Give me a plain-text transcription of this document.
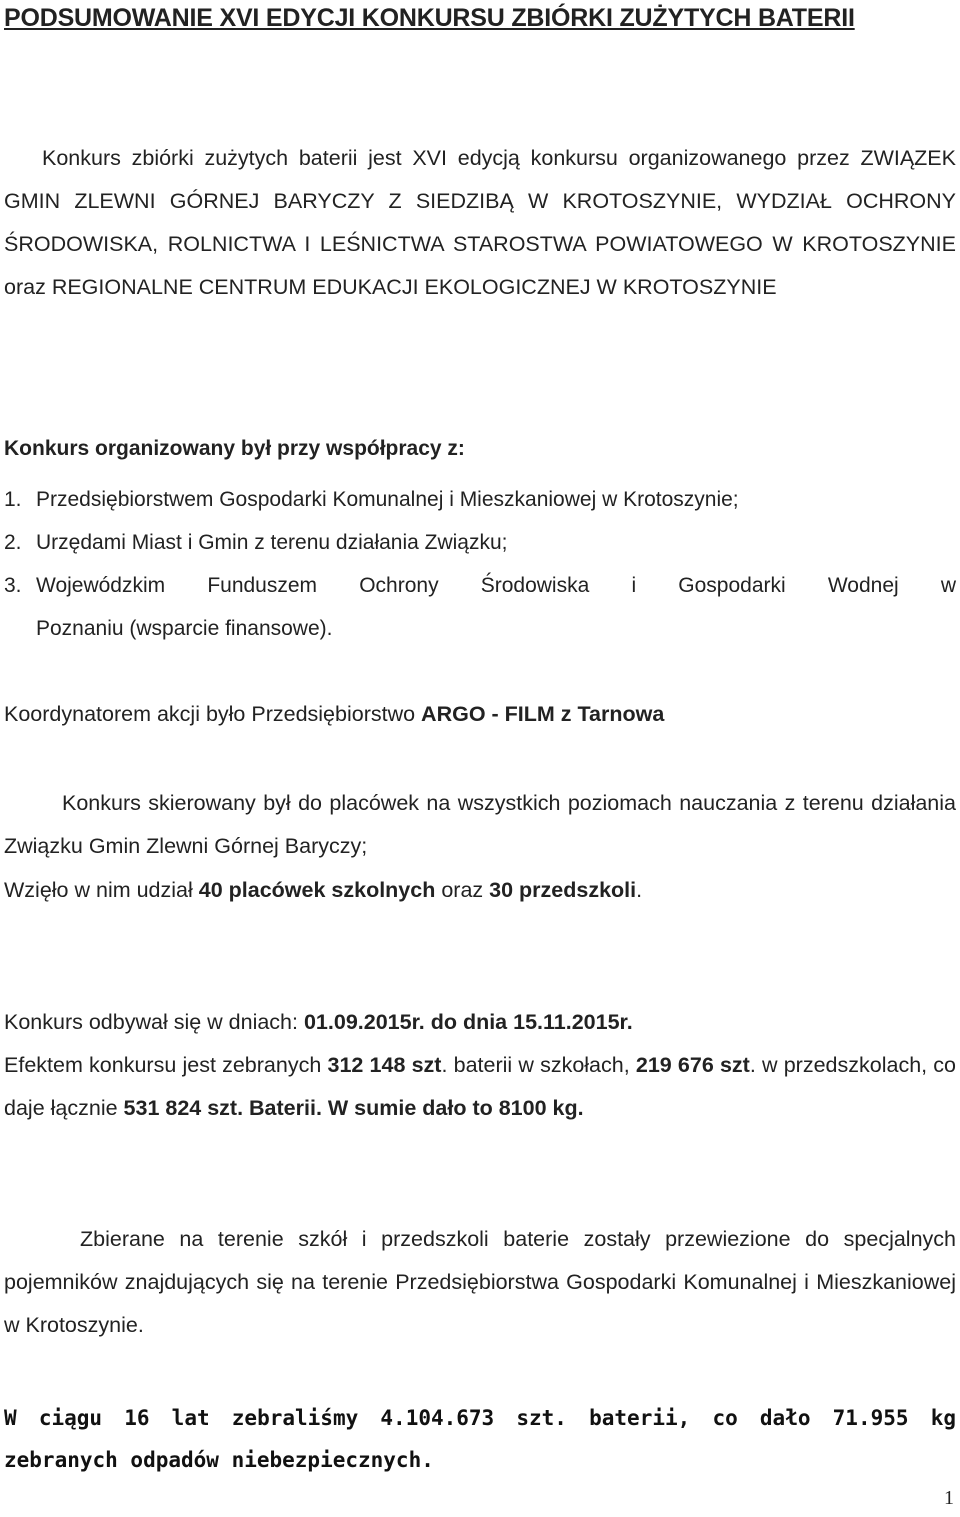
PODSUMOWANIE XVI EDYCJI KONKURSU ZBIÓRKI ZUŻYTYCH BATERII

Konkurs zbiórki zużytych baterii jest XVI edycją konkursu organizowanego przez ZWIĄZEK GMIN ZLEWNI GÓRNEJ BARYCZY Z SIEDZIBĄ W KROTOSZYNIE, WYDZIAŁ OCHRONY ŚRODOWISKA, ROLNICTWA I LEŚNICTWA STAROSTWA POWIATOWEGO W KROTOSZYNIE oraz REGIONALNE CENTRUM EDUKACJI EKOLOGICZNEJ W KROTOSZYNIE

Konkurs organizowany był przy współpracy z:

1. Przedsiębiorstwem Gospodarki Komunalnej i Mieszkaniowej w Krotoszynie;
2. Urzędami Miast i Gmin z terenu działania Związku;
3. Wojewódzkim Funduszem Ochrony Środowiska i Gospodarki Wodnej w
Poznaniu (wsparcie finansowe).

Koordynatorem akcji było Przedsiębiorstwo ARGO - FILM z Tarnowa

Konkurs skierowany był do placówek na wszystkich poziomach nauczania z terenu działania Związku Gmin Zlewni Górnej Baryczy;

Wzięło w nim udział 40 placówek szkolnych oraz 30 przedszkoli.

Konkurs odbywał się w dniach: 01.09.2015r. do dnia 15.11.2015r.

Efektem konkursu jest zebranych 312 148 szt. baterii w szkołach, 219 676 szt. w przedszkolach, co daje łącznie 531 824 szt. Baterii. W sumie dało to 8100 kg.

Zbierane na terenie szkół i przedszkoli baterie zostały przewiezione do specjalnych pojemników znajdujących się na terenie Przedsiębiorstwa Gospodarki Komunalnej i Mieszkaniowej w Krotoszynie.

W ciągu 16 lat zebraliśmy 4.104.673 szt. baterii, co dało 71.955 kg zebranych odpadów niebezpiecznych.

1
